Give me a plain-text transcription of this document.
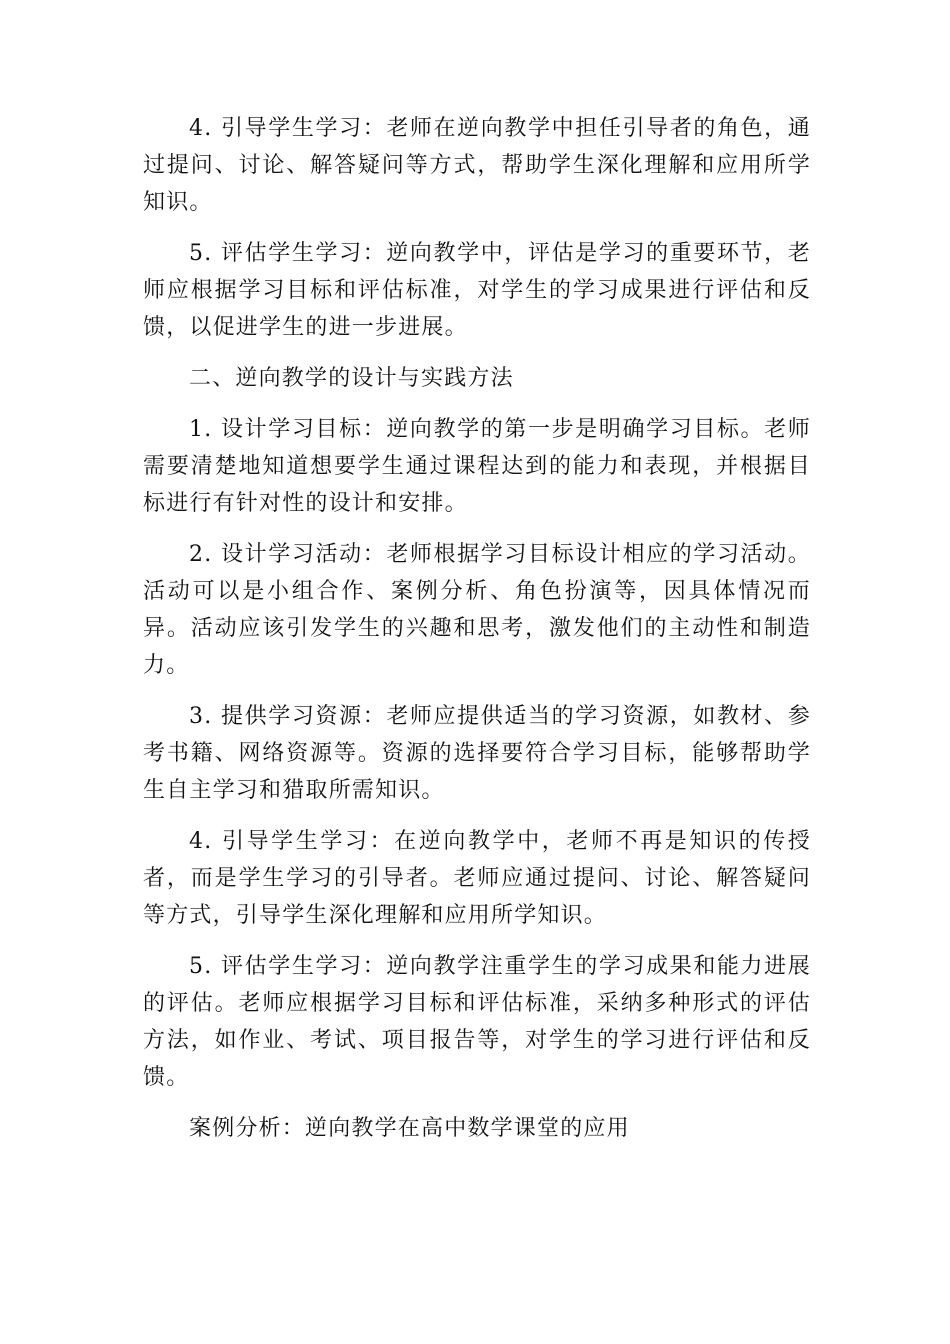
4. 引导学生学习：老师在逆向教学中担任引导者的角色，通过提问、讨论、解答疑问等方式，帮助学生深化理解和应用所学知识。

5. 评估学生学习：逆向教学中，评估是学习的重要环节，老师应根据学习目标和评估标准，对学生的学习成果进行评估和反馈，以促进学生的进一步进展。

二、逆向教学的设计与实践方法

1. 设计学习目标：逆向教学的第一步是明确学习目标。老师需要清楚地知道想要学生通过课程达到的能力和表现，并根据目标进行有针对性的设计和安排。

2. 设计学习活动：老师根据学习目标设计相应的学习活动。活动可以是小组合作、案例分析、角色扮演等，因具体情况而异。活动应该引发学生的兴趣和思考，激发他们的主动性和制造力。

3. 提供学习资源：老师应提供适当的学习资源，如教材、参考书籍、网络资源等。资源的选择要符合学习目标，能够帮助学生自主学习和猎取所需知识。

4. 引导学生学习：在逆向教学中，老师不再是知识的传授者，而是学生学习的引导者。老师应通过提问、讨论、解答疑问等方式，引导学生深化理解和应用所学知识。

5. 评估学生学习：逆向教学注重学生的学习成果和能力进展的评估。老师应根据学习目标和评估标准，采纳多种形式的评估方法，如作业、考试、项目报告等，对学生的学习进行评估和反馈。

案例分析：逆向教学在高中数学课堂的应用
